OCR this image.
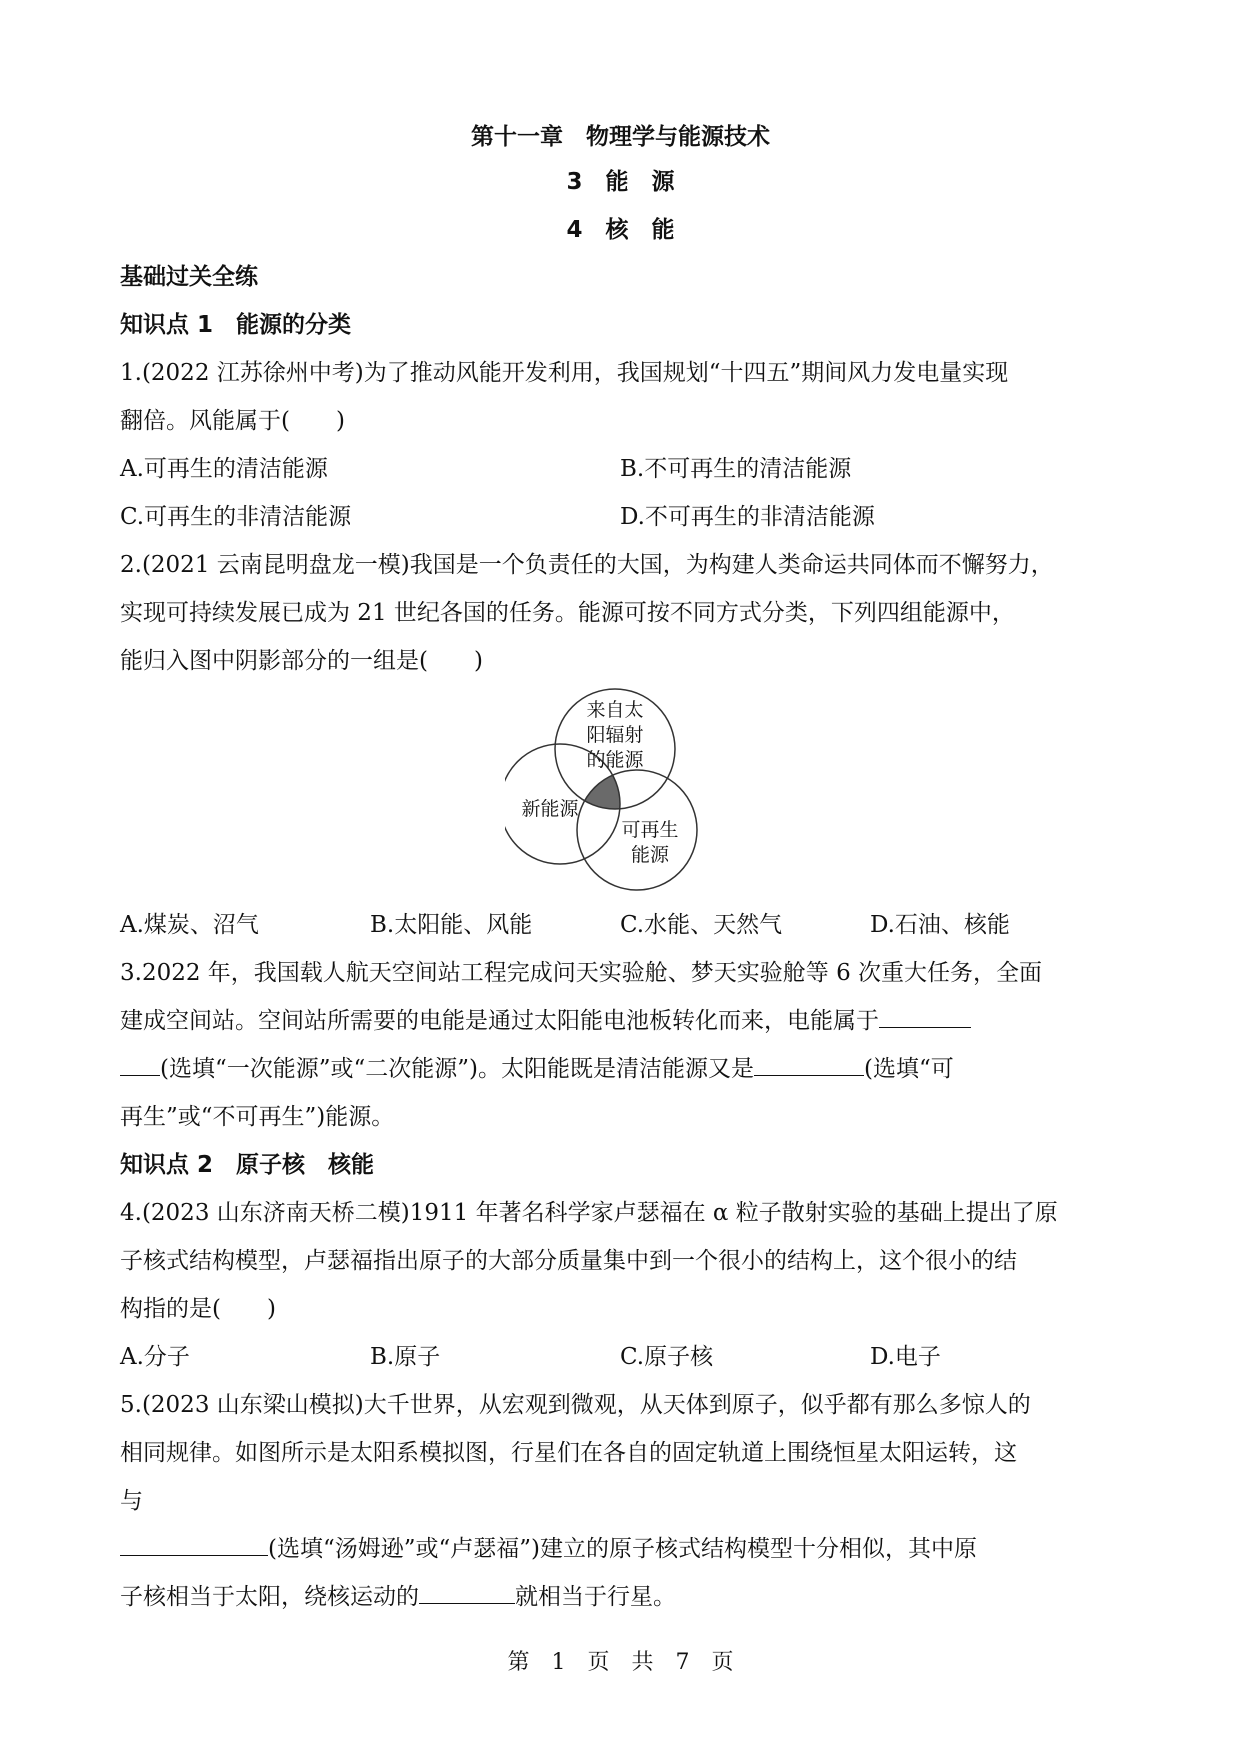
第十一章　物理学与能源技术
3　能　源
4　核　能
基础过关全练
知识点 1　能源的分类
1.(2022 江苏徐州中考)为了推动风能开发利用，我国规划“十四五”期间风力发电量实现
翻倍。风能属于(　　)
A.可再生的清洁能源	B.不可再生的清洁能源
C.可再生的非清洁能源	D.不可再生的非清洁能源
2.(2021 云南昆明盘龙一模)我国是一个负责任的大国，为构建人类命运共同体而不懈努力，
实现可持续发展已成为 21 世纪各国的任务。能源可按不同方式分类，下列四组能源中，
能归入图中阴影部分的一组是(　　)
来自太
阳辐射
的能源
新能源
可再生
能源
A.煤炭、沼气	B.太阳能、风能	C.水能、天然气	D.石油、核能
3.2022 年，我国载人航天空间站工程完成问天实验舱、梦天实验舱等 6 次重大任务，全面
建成空间站。空间站所需要的电能是通过太阳能电池板转化而来，电能属于
(选填“一次能源”或“二次能源”)。太阳能既是清洁能源又是	(选填“可
再生”或“不可再生”)能源。
知识点 2　原子核　核能
4.(2023 山东济南天桥二模)1911 年著名科学家卢瑟福在 α 粒子散射实验的基础上提出了原
子核式结构模型，卢瑟福指出原子的大部分质量集中到一个很小的结构上，这个很小的结
构指的是(　　)
A.分子	B.原子	C.原子核	D.电子
5.(2023 山东梁山模拟)大千世界，从宏观到微观，从天体到原子，似乎都有那么多惊人的
相同规律。如图所示是太阳系模拟图，行星们在各自的固定轨道上围绕恒星太阳运转，这
与
(选填“汤姆逊”或“卢瑟福”)建立的原子核式结构模型十分相似，其中原
子核相当于太阳，绕核运动的	就相当于行星。
第　1　页　共　7　页
